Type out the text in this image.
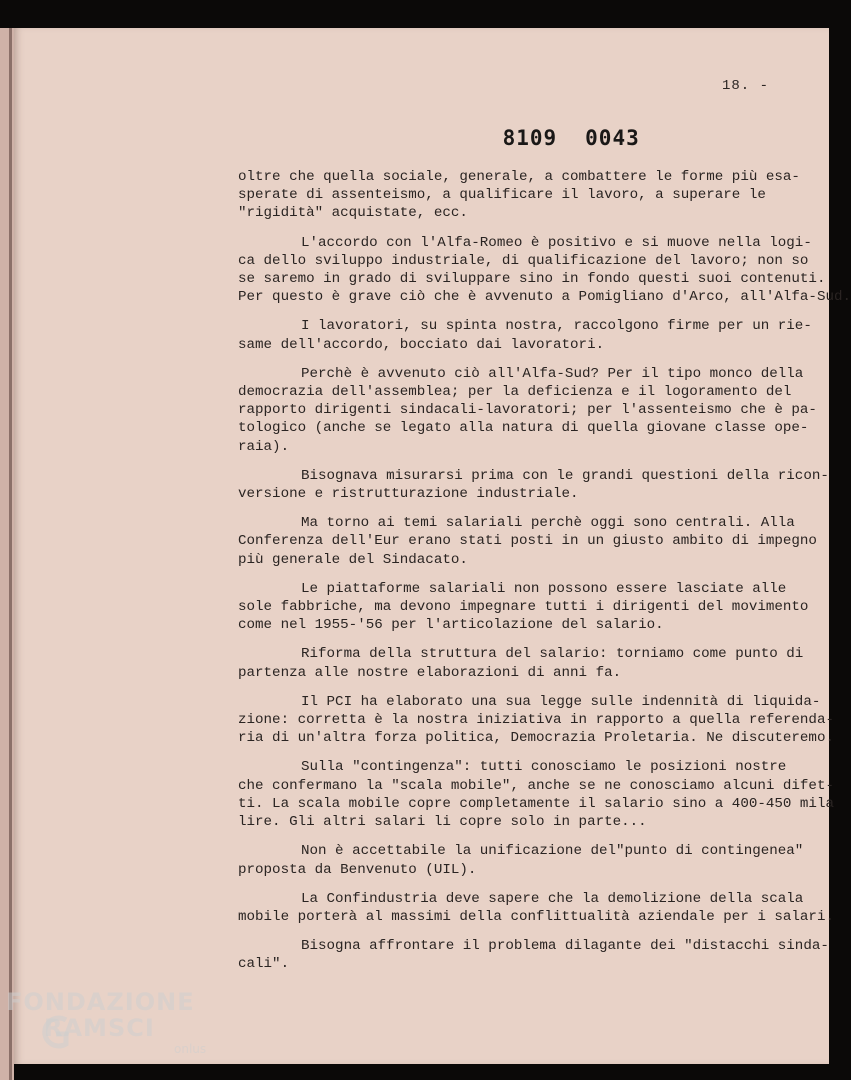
18. -

8109 0043

oltre che quella sociale, generale, a combattere le forme più esa-
sperate di assenteismo, a qualificare il lavoro, a superare le
"rigidità" acquistate, ecc.
L'accordo con l'Alfa-Romeo è positivo e si muove nella logi-
ca dello sviluppo industriale, di qualificazione del lavoro; non so
se saremo in grado di sviluppare sino in fondo questi suoi contenuti.
Per questo è grave ciò che è avvenuto a Pomigliano d'Arco, all'Alfa-Sud.
I lavoratori, su spinta nostra, raccolgono firme per un rie-
same dell'accordo, bocciato dai lavoratori.
Perchè è avvenuto ciò all'Alfa-Sud? Per il tipo monco della
democrazia dell'assemblea; per la deficienza e il logoramento del
rapporto dirigenti sindacali-lavoratori; per l'assenteismo che è pa-
tologico (anche se legato alla natura di quella giovane classe ope-
raia).
Bisognava misurarsi prima con le grandi questioni della ricon-
versione e ristrutturazione industriale.
Ma torno ai temi salariali perchè oggi sono centrali. Alla
Conferenza dell'Eur erano stati posti in un giusto ambito di impegno
più generale del Sindacato.
Le piattaforme salariali non possono essere lasciate alle
sole fabbriche, ma devono impegnare tutti i dirigenti del movimento
come nel 1955-'56 per l'articolazione del salario.
Riforma della struttura del salario: torniamo come punto di
partenza alle nostre elaborazioni di anni fa.
Il PCI ha elaborato una sua legge sulle indennità di liquida-
zione: corretta è la nostra iniziativa in rapporto a quella referenda-
ria di un'altra forza politica, Democrazia Proletaria. Ne discuteremo.
Sulla "contingenza": tutti conosciamo le posizioni nostre
che confermano la "scala mobile", anche se ne conosciamo alcuni difet-
ti. La scala mobile copre completamente il salario sino a 400-450 mila
lire. Gli altri salari li copre solo in parte...
Non è accettabile la unificazione del"punto di contingenea"
proposta da Benvenuto (UIL).
La Confindustria deve sapere che la demolizione della scala
mobile porterà al massimi della conflittualità aziendale per i salari.
Bisogna affrontare il problema dilagante dei "distacchi sinda-
cali".
FONDAZIONE
RAMSCI
onlus
